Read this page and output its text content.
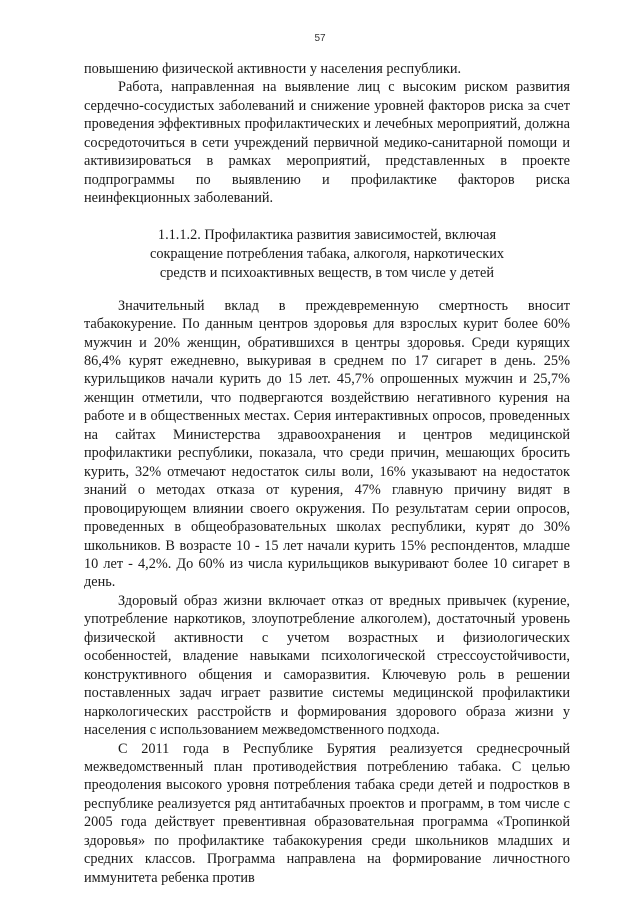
57

повышению физической активности у населения республики.

Работа, направленная на выявление лиц с высоким риском развития сердечно-сосудистых заболеваний и снижение уровней факторов риска за счет проведения эффективных профилактических и лечебных мероприятий, должна сосредоточиться в сети учреждений первичной медико-санитарной помощи и активизироваться в рамках мероприятий, представленных в проекте подпрограммы по выявлению и профилактике факторов риска неинфекционных заболеваний.

1.1.1.2. Профилактика развития зависимостей, включая
сокращение потребления табака, алкоголя, наркотических
средств и психоактивных веществ, в том числе у детей

Значительный вклад в преждевременную смертность вносит табакокурение. По данным центров здоровья для взрослых курит более 60% мужчин и 20% женщин, обратившихся в центры здоровья. Среди курящих 86,4% курят ежедневно, выкуривая в среднем по 17 сигарет в день. 25% курильщиков начали курить до 15 лет. 45,7% опрошенных мужчин и 25,7% женщин отметили, что подвергаются воздействию негативного курения на работе и в общественных местах. Серия интерактивных опросов, проведенных на сайтах Министерства здравоохранения и центров медицинской профилактики республики, показала, что среди причин, мешающих бросить курить, 32% отмечают недостаток силы воли, 16% указывают на недостаток знаний о методах отказа от курения, 47% главную причину видят в провоцирующем влиянии своего окружения. По результатам серии опросов, проведенных в общеобразовательных школах республики, курят до 30% школьников. В возрасте 10 - 15 лет начали курить 15% респондентов, младше 10 лет - 4,2%. До 60% из числа курильщиков выкуривают более 10 сигарет в день.

Здоровый образ жизни включает отказ от вредных привычек (курение, употребление наркотиков, злоупотребление алкоголем), достаточный уровень физической активности с учетом возрастных и физиологических особенностей, владение навыками психологической стрессоустойчивости, конструктивного общения и саморазвития. Ключевую роль в решении поставленных задач играет развитие системы медицинской профилактики наркологических расстройств и формирования здорового образа жизни у населения с использованием межведомственного подхода.

С 2011 года в Республике Бурятия реализуется среднесрочный межведомственный план противодействия потреблению табака. С целью преодоления высокого уровня потребления табака среди детей и подростков в республике реализуется ряд антитабачных проектов и программ, в том числе с 2005 года действует превентивная образовательная программа «Тропинкой здоровья» по профилактике табакокурения среди школьников младших и средних классов. Программа направлена на формирование личностного иммунитета ребенка против
